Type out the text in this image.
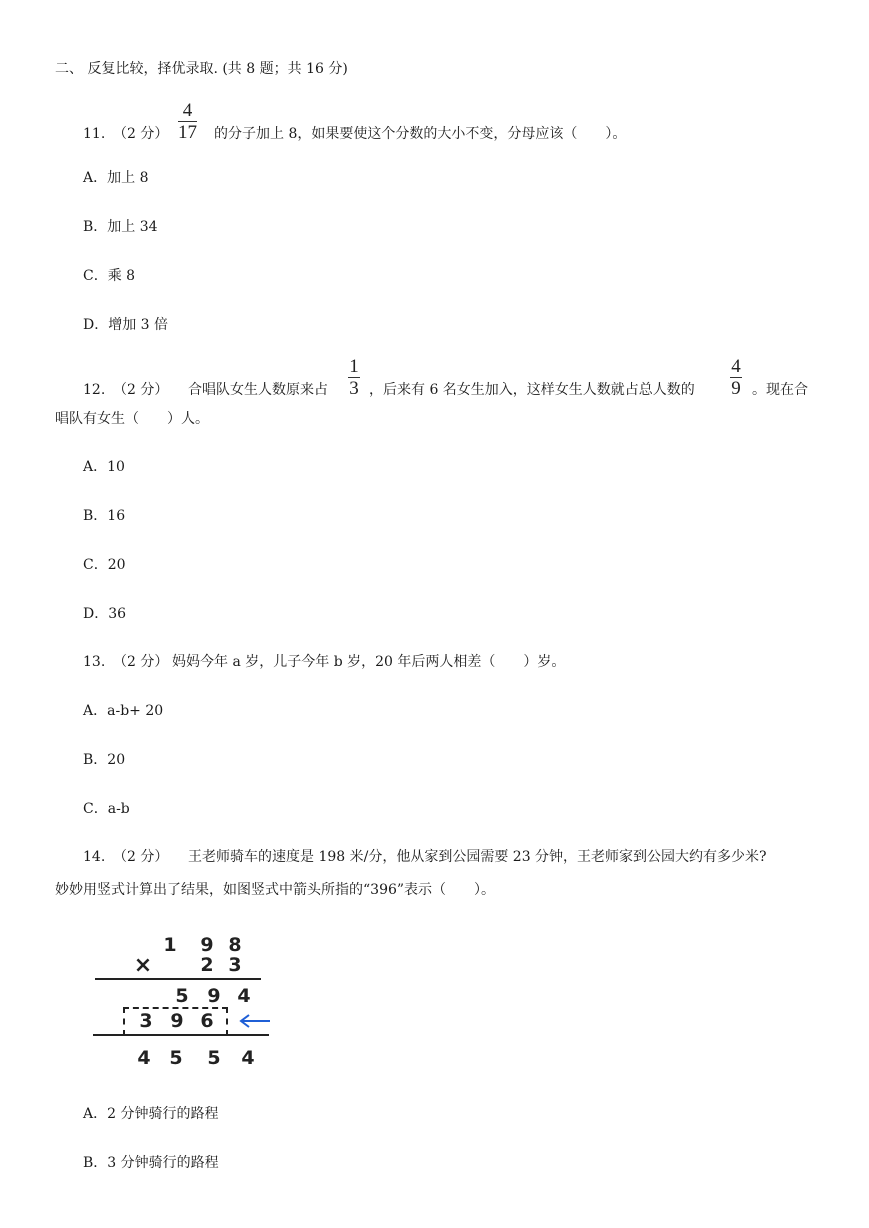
二、 反复比较，择优录取. (共 8 题；共 16 分)
11. （2 分）
4
17 的分子加上 8，如果要使这个分数的大小不变，分母应该（　　）。
A．加上 8
B．加上 34
C．乘 8
D．增加 3 倍
12. （2 分） 合唱队女生人数原来占
1
3 ，后来有 6 名女生加入，这样女生人数就占总人数的
4
9 。现在合
唱队有女生（　　）人。
A．10
B．16
C．20
D．36
13. （2 分） 妈妈今年 a 岁，儿子今年 b 岁，20 年后两人相差（　　）岁。
A．a-b+ 20
B．20
C．a-b
14. （2 分） 王老师骑车的速度是 198 米/分，他从家到公园需要 23 分钟，王老师家到公园大约有多少米?
妙妙用竖式计算出了结果，如图竖式中箭头所指的“396”表示（　　）。
1 9 8
×	2 3
5 9 4
3 9 6
4 5 5 4
A．2 分钟骑行的路程
B．3 分钟骑行的路程
